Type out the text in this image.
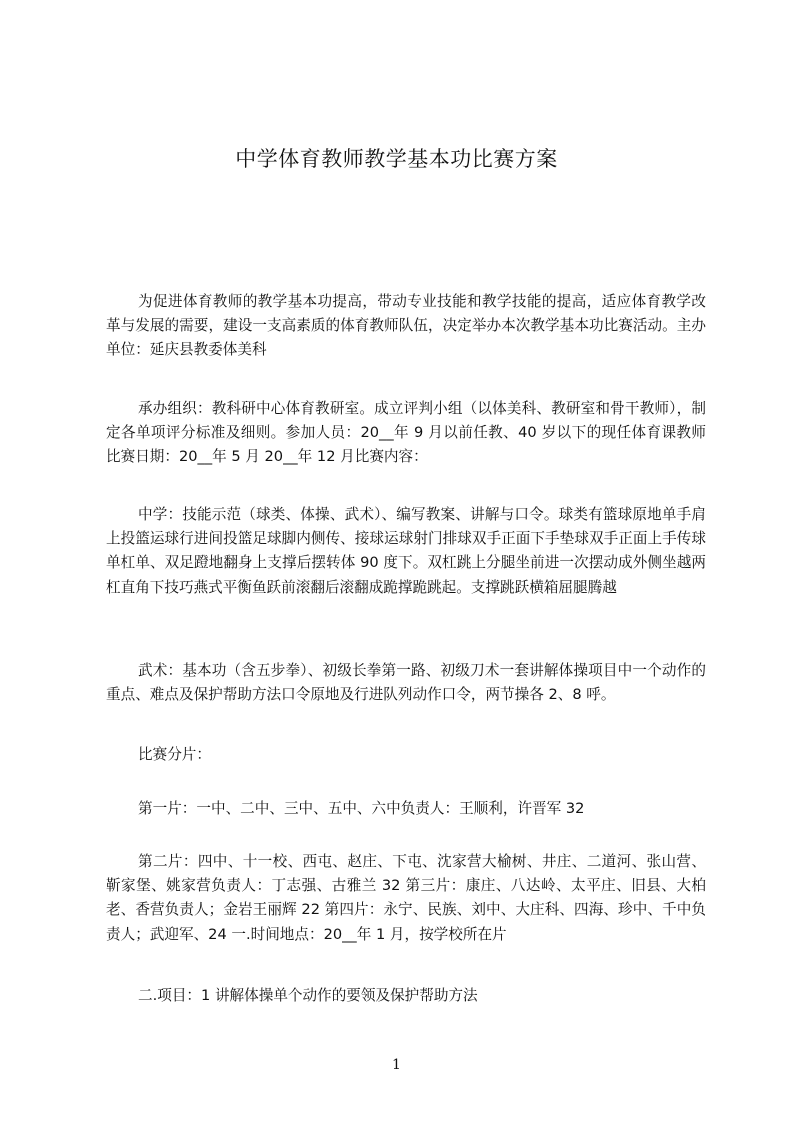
中学体育教师教学基本功比赛方案

为促进体育教师的教学基本功提高，带动专业技能和教学技能的提高，适应体育教学改革与发展的需要，建设一支高素质的体育教师队伍，决定举办本次教学基本功比赛活动。主办单位：延庆县教委体美科

承办组织：教科研中心体育教研室。成立评判小组（以体美科、教研室和骨干教师），制定各单项评分标准及细则。参加人员：20__年 9 月以前任教、40 岁以下的现任体育课教师比赛日期：20__年 5 月 20__年 12 月比赛内容：

中学：技能示范（球类、体操、武术）、编写教案、讲解与口令。球类有篮球原地单手肩上投篮运球行进间投篮足球脚内侧传、接球运球射门排球双手正面下手垫球双手正面上手传球单杠单、双足蹬地翻身上支撑后摆转体 90 度下。双杠跳上分腿坐前进一次摆动成外侧坐越两杠直角下技巧燕式平衡鱼跃前滚翻后滚翻成跪撑跪跳起。支撑跳跃横箱屈腿腾越

武术：基本功（含五步拳）、初级长拳第一路、初级刀术一套讲解体操项目中一个动作的重点、难点及保护帮助方法口令原地及行进队列动作口令，两节操各 2、8 呼。

比赛分片：

第一片：一中、二中、三中、五中、六中负责人：王顺利，许晋军 32

第二片：四中、十一校、西屯、赵庄、下屯、沈家营大榆树、井庄、二道河、张山营、靳家堡、姚家营负责人：丁志强、古雅兰 32 第三片：康庄、八达岭、太平庄、旧县、大柏老、香营负责人；金岩王丽辉 22 第四片：永宁、民族、刘中、大庄科、四海、珍中、千中负责人；武迎军、24 一.时间地点：20__年 1 月，按学校所在片

二.项目：1 讲解体操单个动作的要领及保护帮助方法

1
